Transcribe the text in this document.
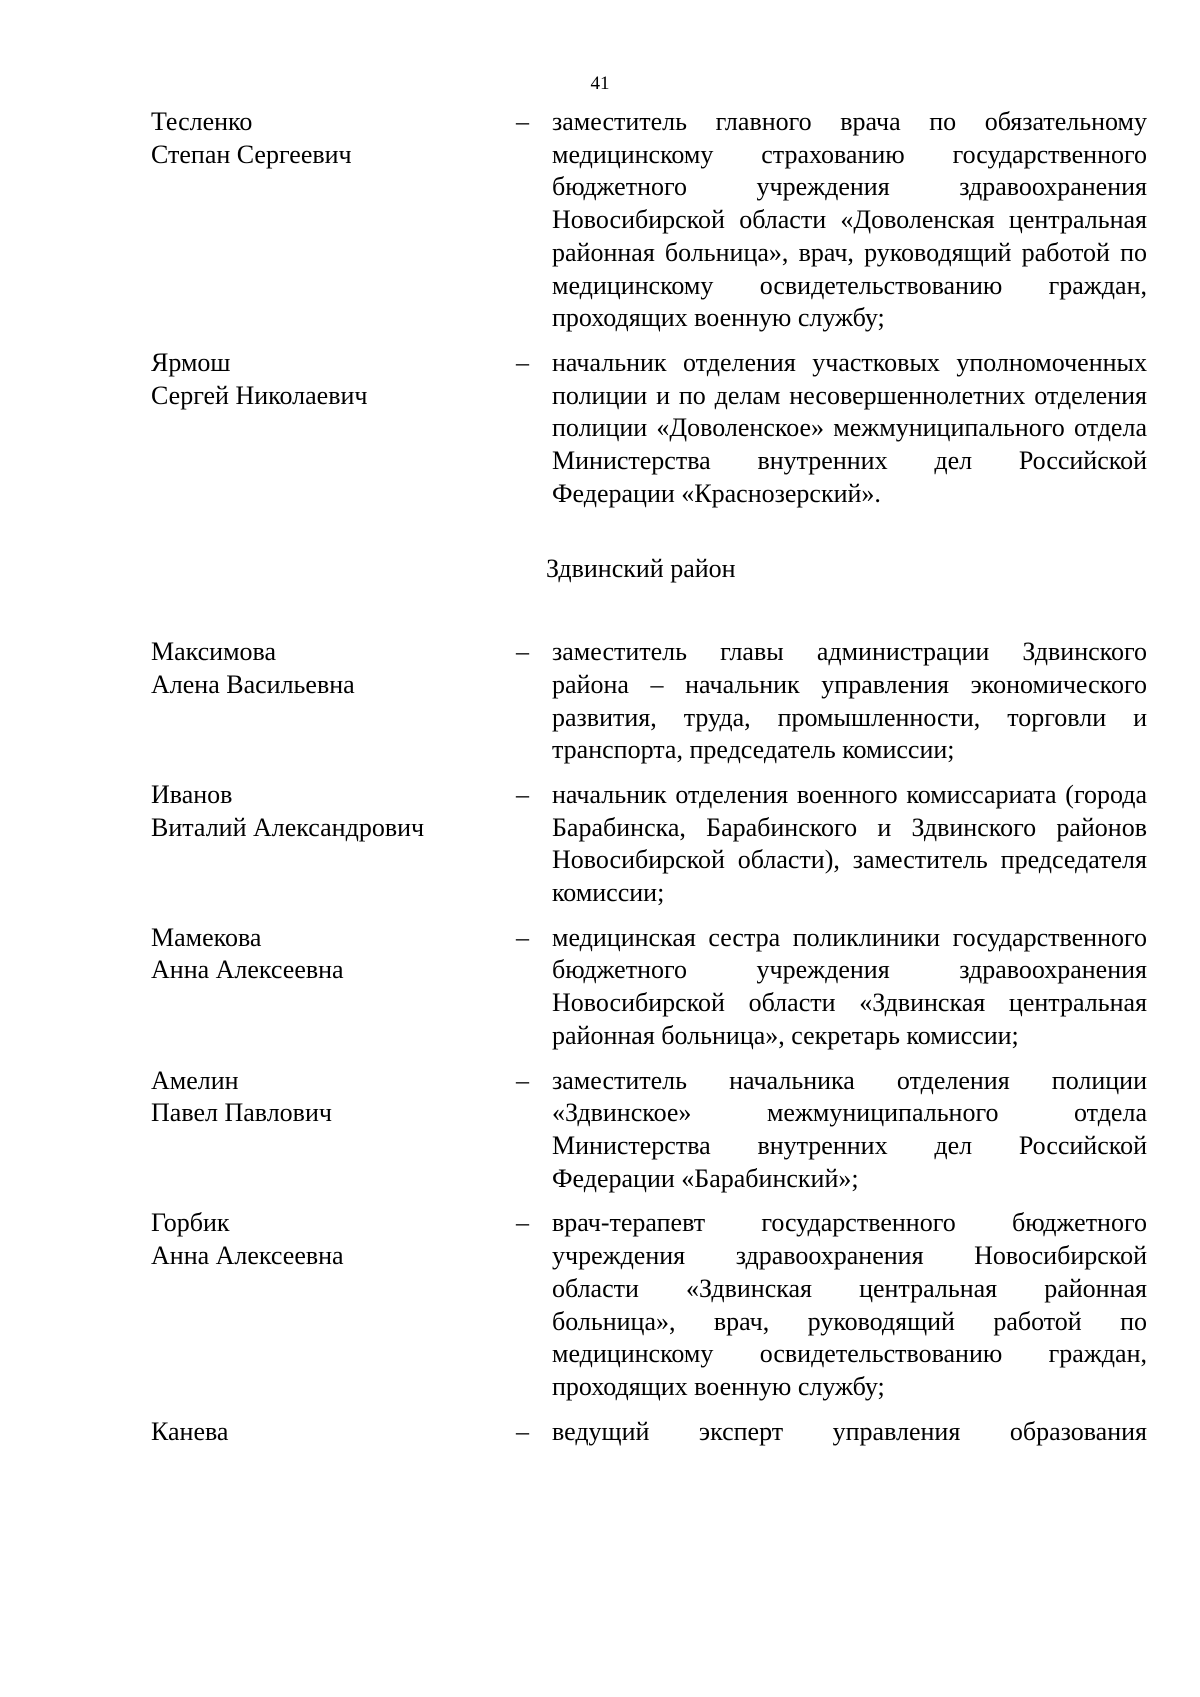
41
Тесленко
Степан Сергеевич
– заместитель главного врача по обязательному медицинскому страхованию государственного бюджетного учреждения здравоохранения Новосибирской области «Доволенская центральная районная больница», врач, руководящий работой по медицинскому освидетельствованию граждан, проходящих военную службу;
Ярмош
Сергей Николаевич
– начальник отделения участковых уполномоченных полиции и по делам несовершеннолетних отделения полиции «Доволенское» межмуниципального отдела Министерства внутренних дел Российской Федерации «Краснозерский».
Здвинский район
Максимова
Алена Васильевна
– заместитель главы администрации Здвинского района – начальник управления экономического развития, труда, промышленности, торговли и транспорта, председатель комиссии;
Иванов
Виталий Александрович
– начальник отделения военного комиссариата (города Барабинска, Барабинского и Здвинского районов Новосибирской области), заместитель председателя комиссии;
Мамекова
Анна Алексеевна
– медицинская сестра поликлиники государственного бюджетного учреждения здравоохранения Новосибирской области «Здвинская центральная районная больница», секретарь комиссии;
Амелин
Павел Павлович
– заместитель начальника отделения полиции «Здвинское» межмуниципального отдела Министерства внутренних дел Российской Федерации «Барабинский»;
Горбик
Анна Алексеевна
– врач-терапевт государственного бюджетного учреждения здравоохранения Новосибирской области «Здвинская центральная районная больница», врач, руководящий работой по медицинскому освидетельствованию граждан, проходящих военную службу;
Канева	– ведущий эксперт управления образования
